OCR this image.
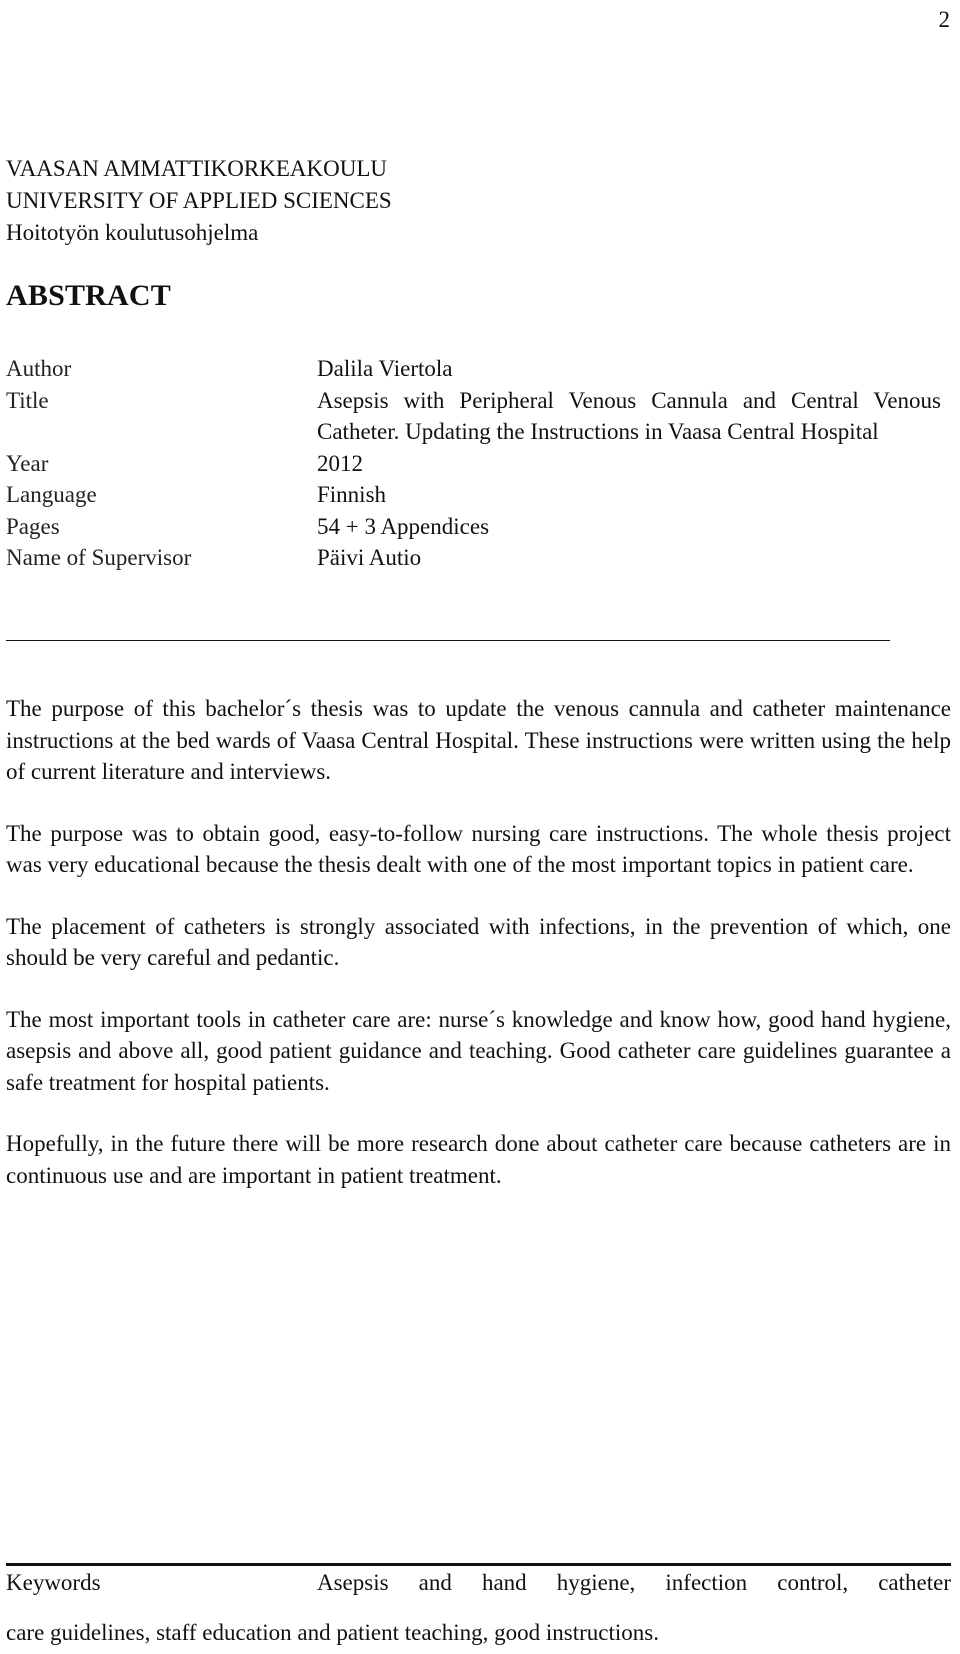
2
VAASAN AMMATTIKORKEAKOULU
UNIVERSITY OF APPLIED SCIENCES
Hoitotyön koulutusohjelma
ABSTRACT
Author	Dalila Viertola
Title	Asepsis with Peripheral Venous Cannula and Central Venous Catheter. Updating the Instructions in Vaasa Central Hospital
Year	2012
Language	Finnish
Pages	54 + 3 Appendices
Name of Supervisor	Päivi Autio

The purpose of this bachelor´s thesis was to update the venous cannula and catheter maintenance instructions at the bed wards of Vaasa Central Hospital. These instructions were written using the help of current literature and interviews.

The purpose was to obtain good, easy-to-follow nursing care instructions. The whole thesis project was very educational because the thesis dealt with one of the most important topics in patient care.

The placement of catheters is strongly associated with infections, in the prevention of which, one should be very careful and pedantic.

The most important tools in catheter care are: nurse´s knowledge and know how, good hand hygiene, asepsis and above all, good patient guidance and teaching. Good catheter care guidelines guarantee a safe treatment for hospital patients.

Hopefully, in the future there will be more research done about catheter care because catheters are in continuous use and are important in patient treatment.

Keywords	Asepsis and hand hygiene, infection control, catheter
care guidelines, staff education and patient teaching, good instructions.
